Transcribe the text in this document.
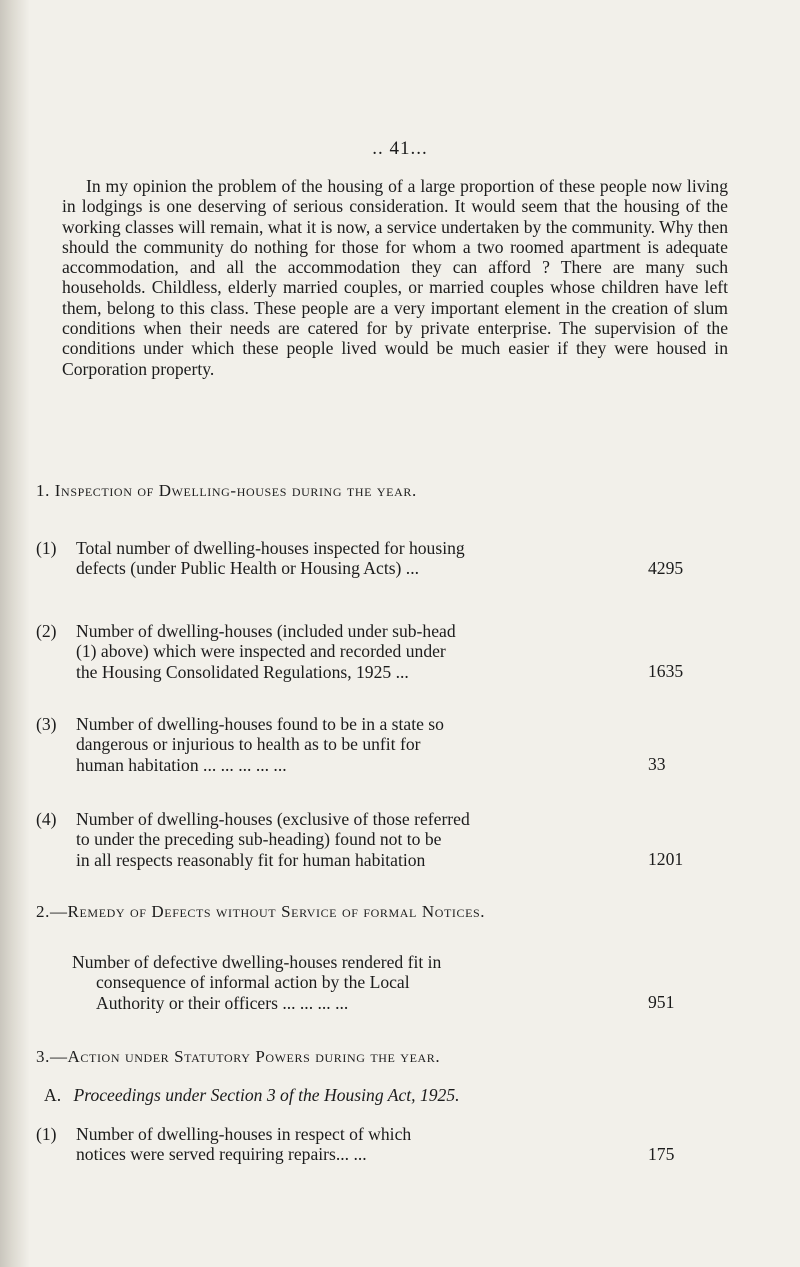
.. 41...

In my opinion the problem of the housing of a large proportion of these people now living in lodgings is one deserving of serious consideration. It would seem that the housing of the working classes will remain, what it is now, a service undertaken by the community. Why then should the community do nothing for those for whom a two roomed apartment is adequate accommodation, and all the accommodation they can afford ? There are many such households. Childless, elderly married couples, or married couples whose children have left them, belong to this class. These people are a very important element in the creation of slum conditions when their needs are catered for by private enterprise. The supervision of the conditions under which these people lived would be much easier if they were housed in Corporation property.

1. Inspection of Dwelling-houses during the year.
(1)	Total number of dwelling-houses inspected for housing
defects (under Public Health or Housing Acts) ...	4295
(2)	Number of dwelling-houses (included under sub-head
(1) above) which were inspected and recorded under
the Housing Consolidated Regulations, 1925 ...	1635
(3)	Number of dwelling-houses found to be in a state so
dangerous or injurious to health as to be unfit for
human habitation ... ... ... ... ...	33
(4)	Number of dwelling-houses (exclusive of those referred
to under the preceding sub-heading) found not to be
in all respects reasonably fit for human habitation	1201
2.—Remedy of Defects without Service of formal Notices.
Number of defective dwelling-houses rendered fit in
consequence of informal action by the Local
Authority or their officers ... ... ... ...	951
3.—Action under Statutory Powers during the year.
A. Proceedings under Section 3 of the Housing Act, 1925.
(1)	Number of dwelling-houses in respect of which
notices were served requiring repairs... ...	175
